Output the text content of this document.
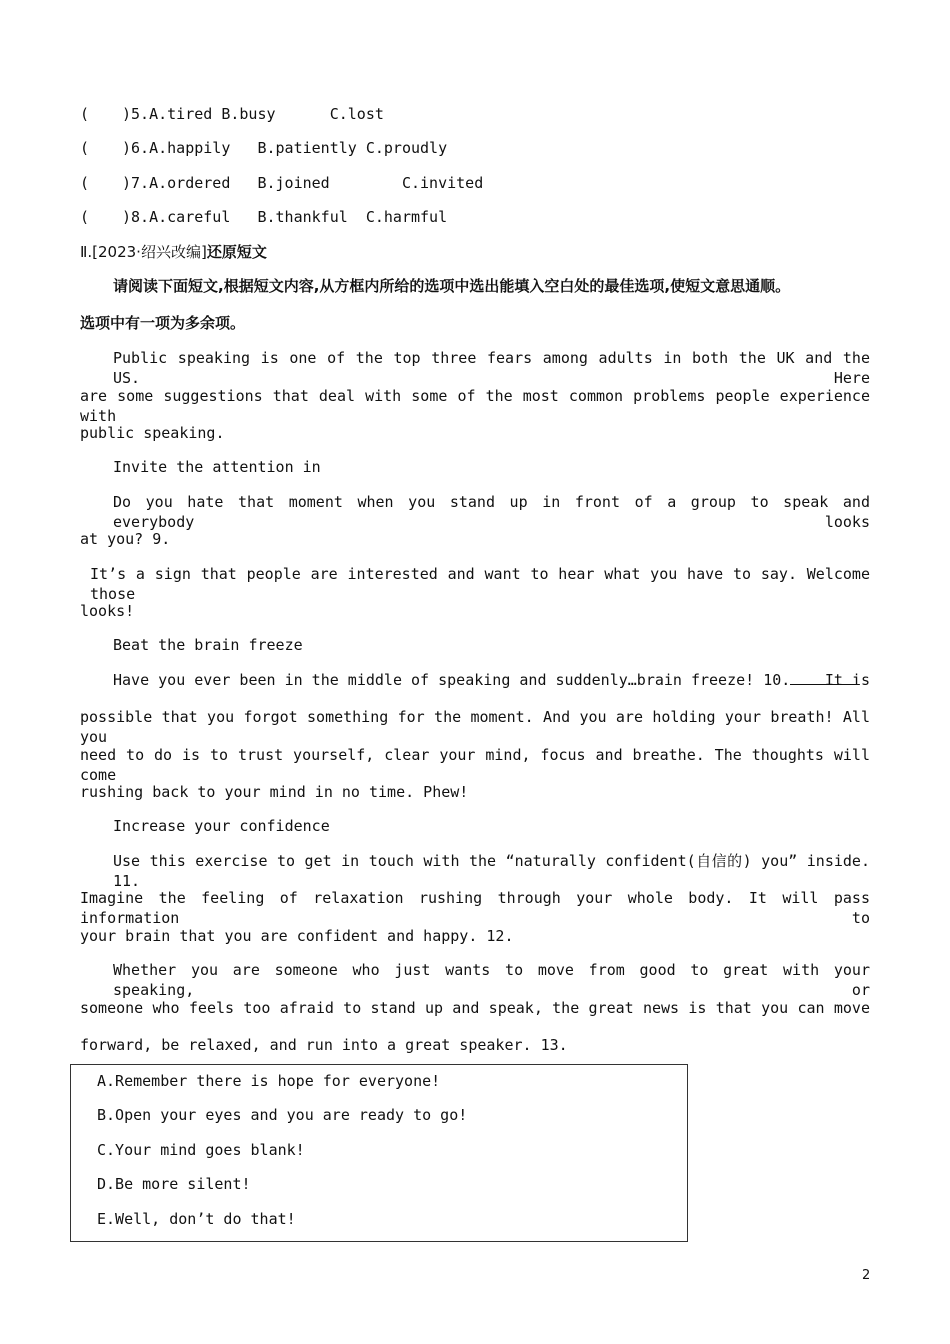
( )5.A.tired B.busy	C.lost
( )6.A.happily B.patiently C.proudly
( )7.A.ordered B.joined	C.invited
( )8.A.careful B.thankful C.harmful
Ⅱ.[2023·绍兴改编]还原短文
请阅读下面短文,根据短文内容,从方框内所给的选项中选出能填入空白处的最佳选项,使短文意思通顺。
选项中有一项为多余项。
Public speaking is one of the top three fears among adults in both the UK and the US. Here
are some suggestions that deal with some of the most common problems people experience with
public speaking.
Invite the attention in
Do you hate that moment when you stand up in front of a group to speak and everybody looks
at you? 9.
It’s a sign that people are interested and want to hear what you have to say. Welcome those
looks!
Beat the brain freeze
Have you ever been in the middle of speaking and suddenly…brain freeze! 10. It is
possible that you forgot something for the moment. And you are holding your breath! All you
need to do is to trust yourself, clear your mind, focus and breathe. The thoughts will come
rushing back to your mind in no time. Phew!
Increase your confidence
Use this exercise to get in touch with the “naturally confident(自信的) you” inside. 11.
Imagine the feeling of relaxation rushing through your whole body. It will pass information to
your brain that you are confident and happy. 12.
Whether you are someone who just wants to move from good to great with your speaking, or
someone who feels too afraid to stand up and speak, the great news is that you can move
forward, be relaxed, and run into a great speaker. 13.
A.Remember there is hope for everyone!
B.Open your eyes and you are ready to go!
C.Your mind goes blank!
D.Be more silent!
E.Well, don’t do that!
2
